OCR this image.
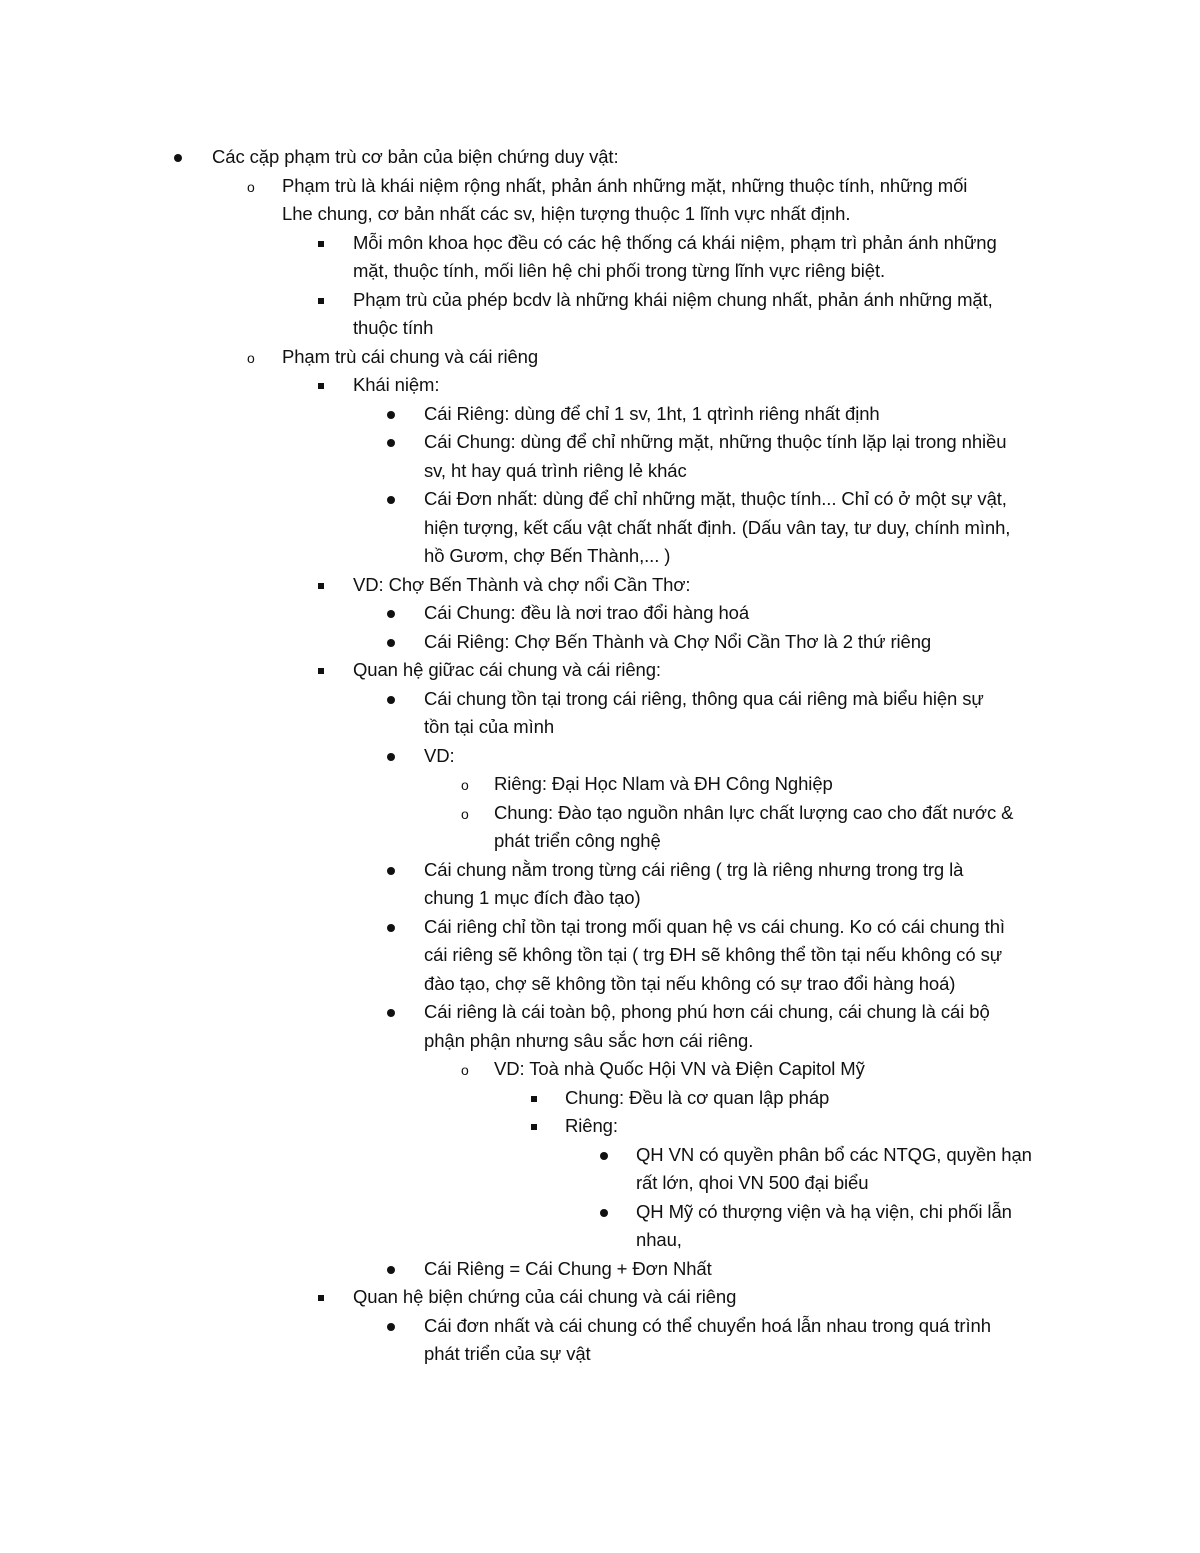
Các cặp phạm trù cơ bản của biện chứng duy vật:
o Phạm trù là khái niệm rộng nhất, phản ánh những mặt, những thuộc tính, những mối
Lhe chung, cơ bản nhất các sv, hiện tượng thuộc 1 lĩnh vực nhất định.
Mỗi môn khoa học đều có các hệ thống cá khái niệm, phạm trì phản ánh những
mặt, thuộc tính, mối liên hệ chi phối trong từng lĩnh vực riêng biệt.
Phạm trù của phép bcdv là những khái niệm chung nhất, phản ánh những mặt,
thuộc tính
o Phạm trù cái chung và cái riêng
Khái niệm:
Cái Riêng: dùng để chỉ 1 sv, 1ht, 1 qtrình riêng nhất định
Cái Chung: dùng để chỉ những mặt, những thuộc tính lặp lại trong nhiều
sv, ht hay quá trình riêng lẻ khác
Cái Đơn nhất: dùng để chỉ những mặt, thuộc tính... Chỉ có ở một sự vật,
hiện tượng, kết cấu vật chất nhất định. (Dấu vân tay, tư duy, chính mình,
hồ Gươm, chợ Bến Thành,... )
VD: Chợ Bến Thành và chợ nổi Cần Thơ:
Cái Chung: đều là nơi trao đổi hàng hoá
Cái Riêng: Chợ Bến Thành và Chợ Nổi Cần Thơ là 2 thứ riêng
Quan hệ giữac cái chung và cái riêng:
Cái chung tồn tại trong cái riêng, thông qua cái riêng mà biểu hiện sự
tồn tại của mình
VD:
o Riêng: Đại Học Nlam và ĐH Công Nghiệp
o Chung: Đào tạo nguồn nhân lực chất lượng cao cho đất nước &
phát triển công nghệ
Cái chung nằm trong từng cái riêng ( trg là riêng nhưng trong trg là
chung 1 mục đích đào tạo)
Cái riêng chỉ tồn tại trong mối quan hệ vs cái chung. Ko có cái chung thì
cái riêng sẽ không tồn tại ( trg ĐH sẽ không thể tồn tại nếu không có sự
đào tạo, chợ sẽ không tồn tại nếu không có sự trao đổi hàng hoá)
Cái riêng là cái toàn bộ, phong phú hơn cái chung, cái chung là cái bộ
phận phận nhưng sâu sắc hơn cái riêng.
o VD: Toà nhà Quốc Hội VN và Điện Capitol Mỹ
Chung: Đều là cơ quan lập pháp
Riêng:
QH VN có quyền phân bổ các NTQG, quyền hạn
rất lớn, qhoi VN 500 đại biểu
QH Mỹ có thượng viện và hạ viện, chi phối lẫn
nhau,
Cái Riêng = Cái Chung + Đơn Nhất
Quan hệ biện chứng của cái chung và cái riêng
Cái đơn nhất và cái chung có thể chuyển hoá lẫn nhau trong quá trình
phát triển của sự vật
